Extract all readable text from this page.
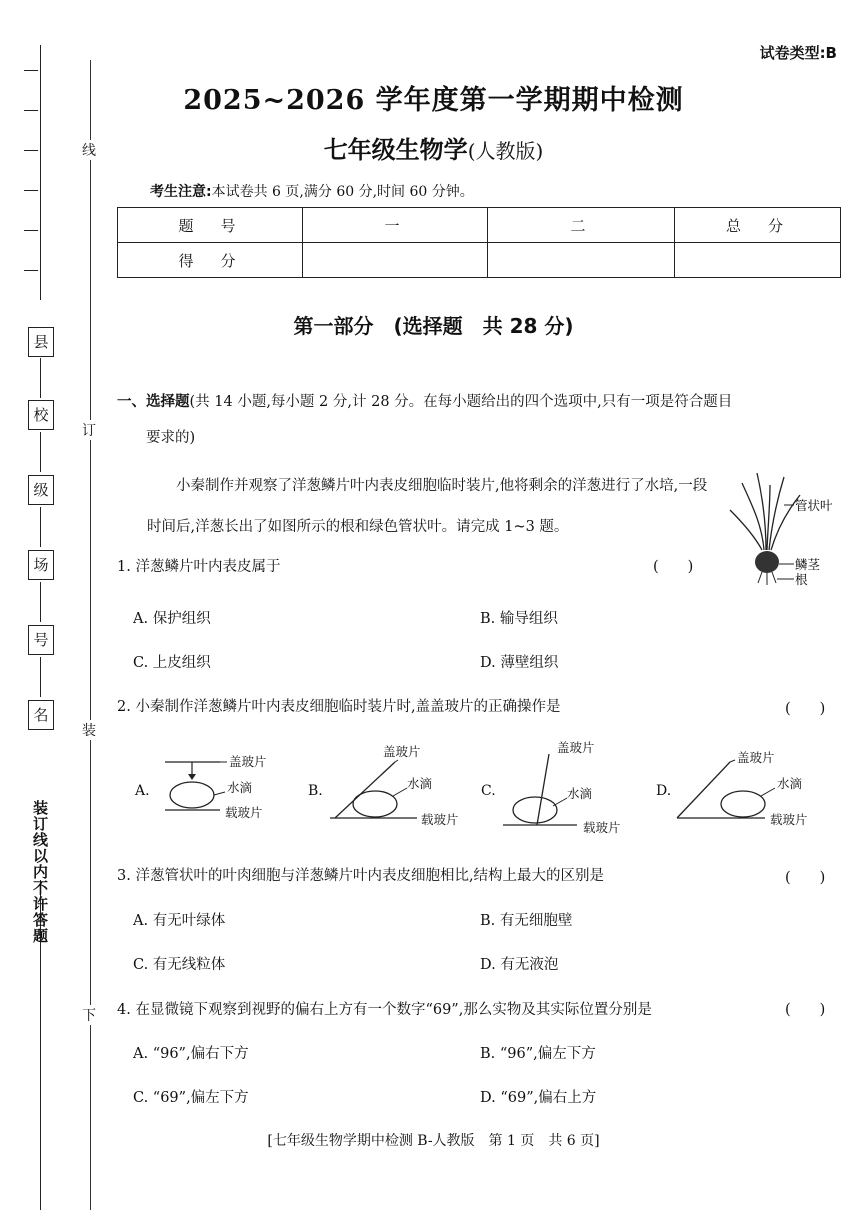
县
校
级
场
号
名
装订线以内不许答题
线
订
装
下
试卷类型:B
2025~2026 学年度第一学期期中检测
七年级生物学(人教版)
考生注意:本试卷共 6 页,满分 60 分,时间 60 分钟。
题　号	一	二	总　分
得　分			
第一部分　(选择题　共 28 分)
一、选择题(共 14 小题,每小题 2 分,计 28 分。在每小题给出的四个选项中,只有一项是符合题目
要求的)
小秦制作并观察了洋葱鳞片叶内表皮细胞临时装片,他将剩余的洋葱进行了水培,一段时间后,洋葱长出了如图所示的根和绿色管状叶。请完成 1~3 题。
管状叶
鳞茎
根
1. 洋葱鳞片叶内表皮属于	(　　)
A. 保护组织	B. 输导组织
C. 上皮组织	D. 薄壁组织
2. 小秦制作洋葱鳞片叶内表皮细胞临时装片时,盖盖玻片的正确操作是	(　　)
A.
盖玻片
水滴
载玻片
B.
盖玻片
水滴
载玻片
C.
盖玻片
水滴
载玻片
D.
盖玻片
水滴
载玻片
3. 洋葱管状叶的叶肉细胞与洋葱鳞片叶内表皮细胞相比,结构上最大的区别是	(　　)
A. 有无叶绿体	B. 有无细胞壁
C. 有无线粒体	D. 有无液泡
4. 在显微镜下观察到视野的偏右上方有一个数字“69”,那么实物及其实际位置分别是	(　　)
A. “96”,偏右下方	B. “96”,偏左下方
C. “69”,偏左下方	D. “69”,偏右上方
[七年级生物学期中检测 B-人教版　第 1 页　共 6 页]
